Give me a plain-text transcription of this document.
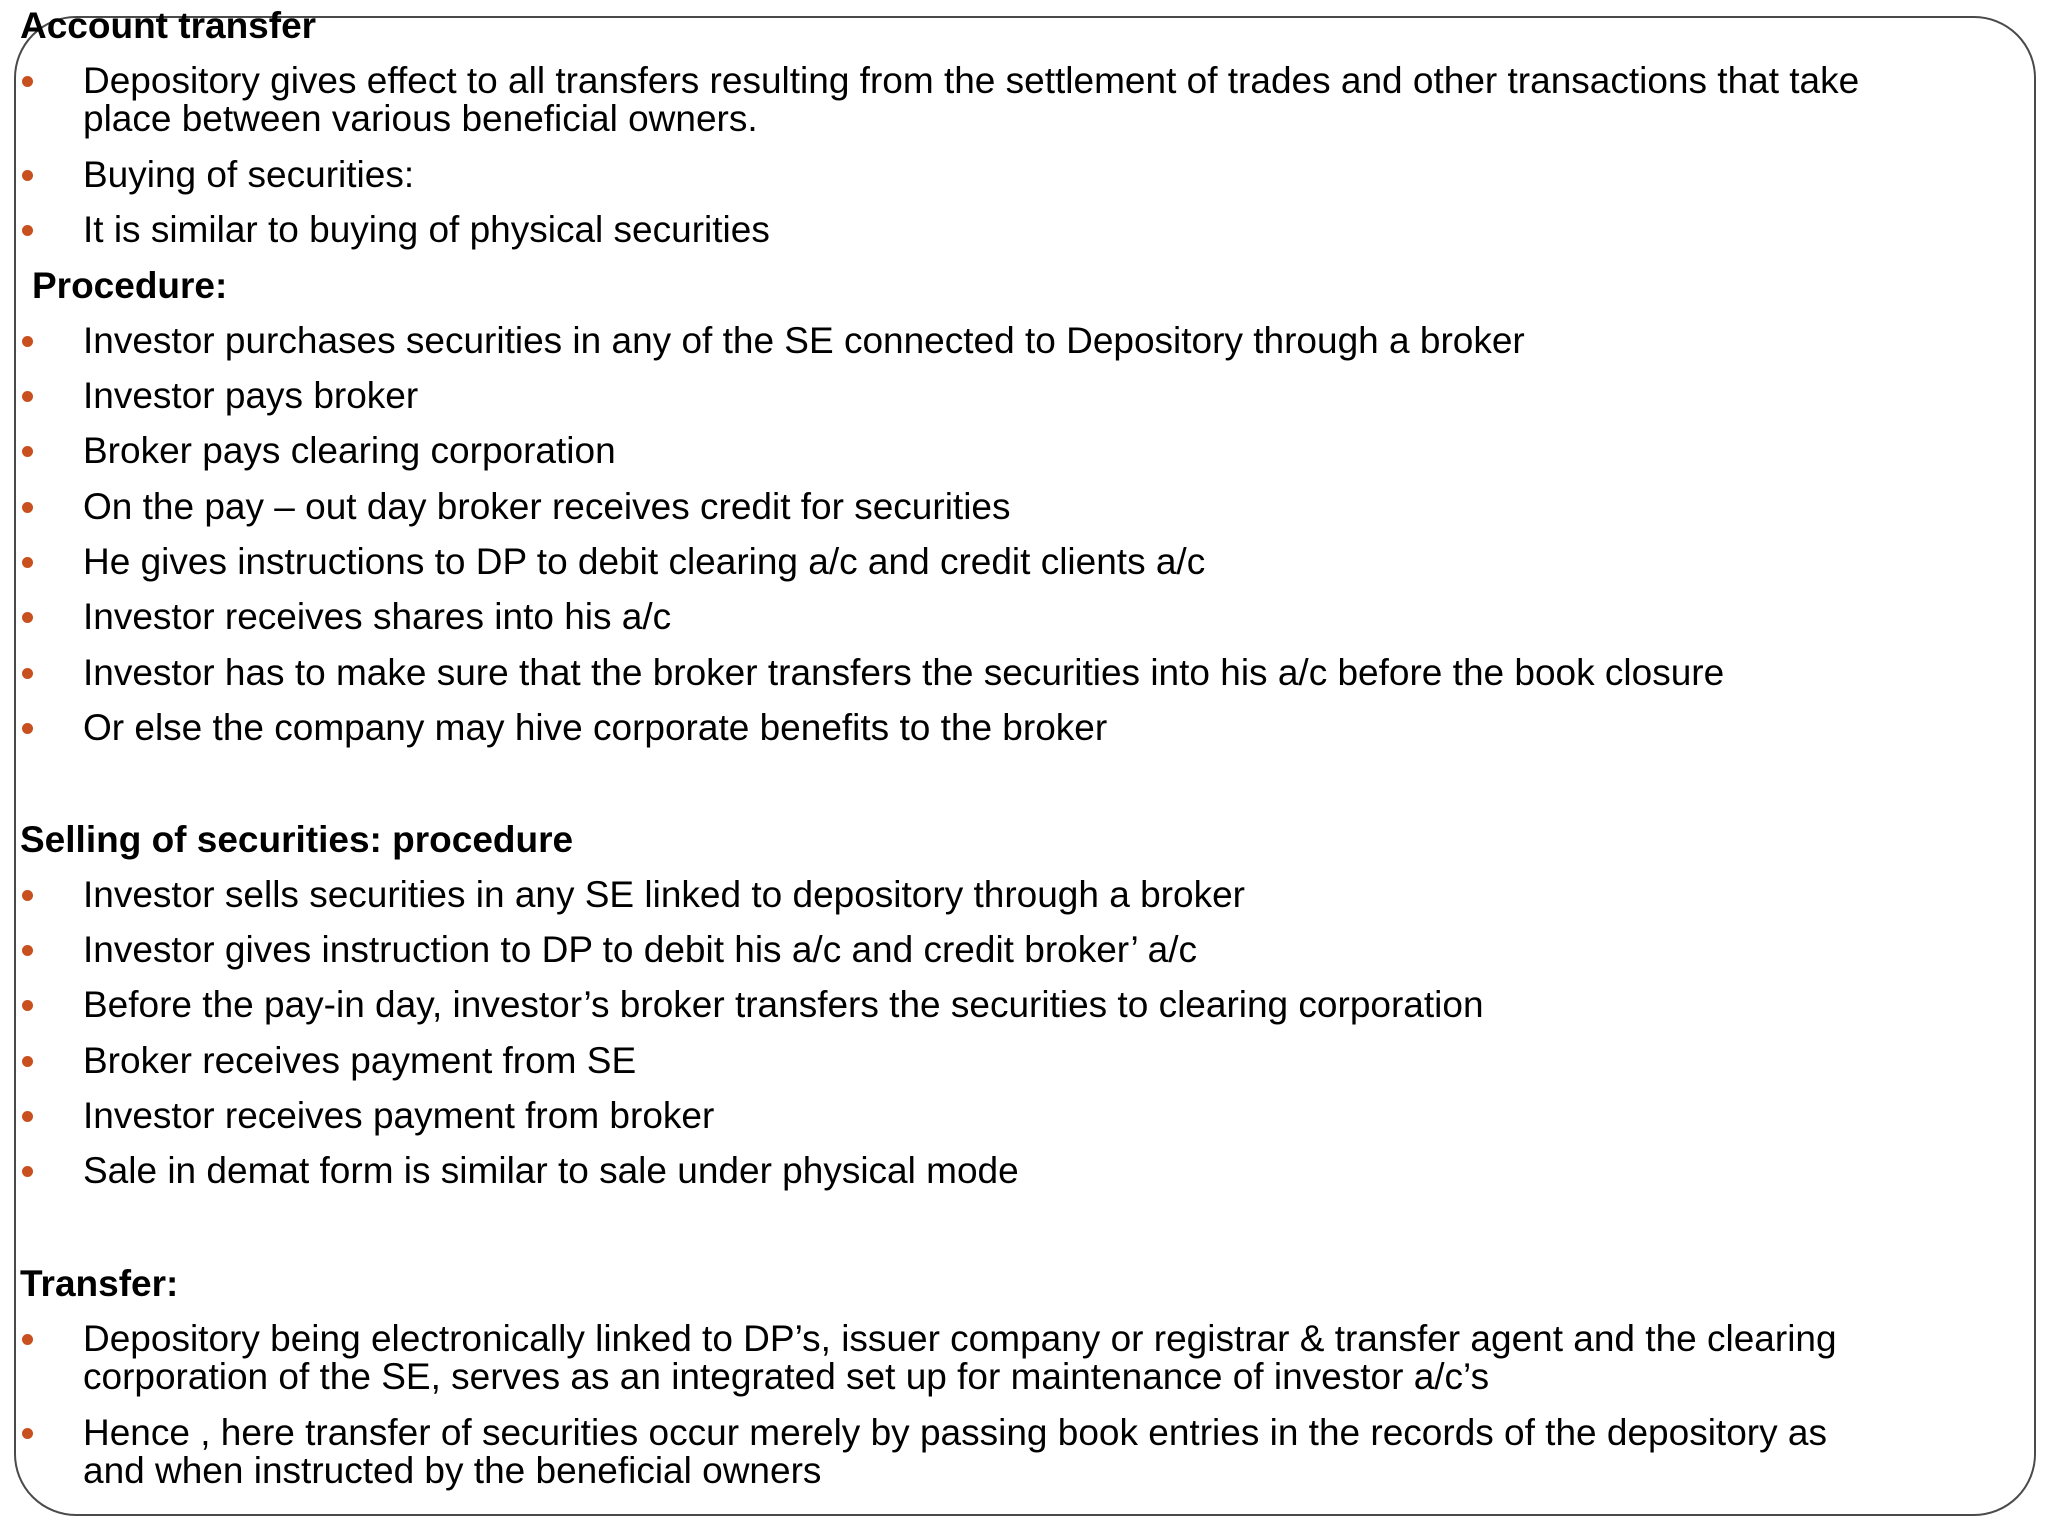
Account transfer
Depository gives effect to all transfers resulting from the settlement of trades and other transactions that take
place between various beneficial owners.
Buying of securities:
It is similar to buying of physical securities
Procedure:
Investor purchases securities in any of the SE connected to Depository through a broker
Investor pays broker
Broker pays clearing corporation
On the pay – out day broker receives credit for securities
He gives instructions to DP to debit clearing a/c and credit clients a/c
Investor receives shares into his a/c
Investor has to make sure that the broker transfers the securities into his a/c before the book closure
Or else the company may hive corporate benefits to the broker
Selling of securities: procedure
Investor sells securities in any SE linked to depository through a broker
Investor gives instruction to DP to debit his a/c and credit broker’ a/c
Before the pay-in day, investor’s broker transfers the securities to clearing corporation
Broker receives payment from SE
Investor receives payment from broker
Sale in demat form is similar to sale under physical mode
Transfer:
Depository being electronically linked to DP’s, issuer company or registrar & transfer agent and the clearing
corporation of the SE, serves as an integrated set up for maintenance of investor a/c’s
Hence , here transfer of securities occur merely by passing book entries in the records of the depository as
and when instructed by the beneficial owners
